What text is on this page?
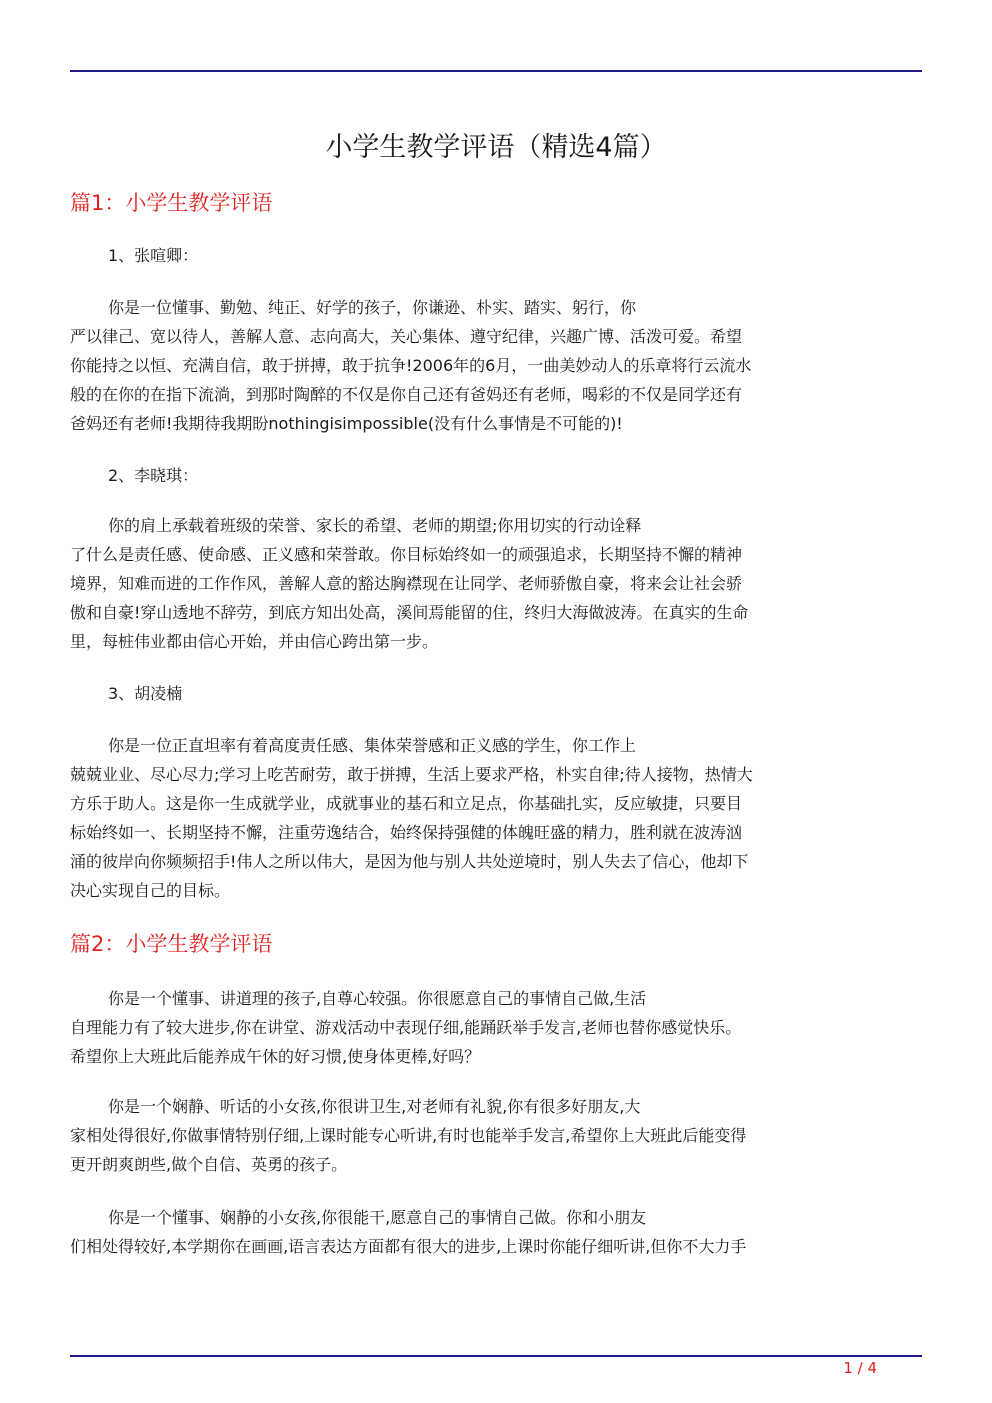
小学生教学评语（精选4篇）
篇1：小学生教学评语
1、张喧卿：
你是一位懂事、勤勉、纯正、好学的孩子，你谦逊、朴实、踏实、躬行，你
严以律己、宽以待人，善解人意、志向高大，关心集体、遵守纪律，兴趣广博、活泼可爱。希望
你能持之以恒、充满自信，敢于拼搏，敢于抗争!2006年的6月，一曲美妙动人的乐章将行云流水
般的在你的在指下流淌，到那时陶醉的不仅是你自己还有爸妈还有老师，喝彩的不仅是同学还有
爸妈还有老师!我期待我期盼nothingisimpossible(没有什么事情是不可能的)!
2、李晓琪：
你的肩上承载着班级的荣誉、家长的希望、老师的期望;你用切实的行动诠释
了什么是责任感、使命感、正义感和荣誉敢。你目标始终如一的顽强追求，长期坚持不懈的精神
境界，知难而进的工作作风，善解人意的豁达胸襟现在让同学、老师骄傲自豪，将来会让社会骄
傲和自豪!穿山透地不辞劳，到底方知出处高，溪间焉能留的住，终归大海做波涛。在真实的生命
里，每桩伟业都由信心开始，并由信心跨出第一步。
3、胡凌楠
你是一位正直坦率有着高度责任感、集体荣誉感和正义感的学生，你工作上
兢兢业业、尽心尽力;学习上吃苦耐劳，敢于拼搏，生活上要求严格，朴实自律;待人接物，热情大
方乐于助人。这是你一生成就学业，成就事业的基石和立足点，你基础扎实，反应敏捷，只要目
标始终如一、长期坚持不懈，注重劳逸结合，始终保持强健的体魄旺盛的精力，胜利就在波涛汹
涌的彼岸向你频频招手!伟人之所以伟大，是因为他与别人共处逆境时，别人失去了信心，他却下
决心实现自己的目标。
篇2：小学生教学评语
你是一个懂事、讲道理的孩子,自尊心较强。你很愿意自己的事情自己做,生活
自理能力有了较大进步,你在讲堂、游戏活动中表现仔细,能踊跃举手发言,老师也替你感觉快乐。
希望你上大班此后能养成午休的好习惯,使身体更棒,好吗？
你是一个娴静、听话的小女孩,你很讲卫生,对老师有礼貌,你有很多好朋友,大
家相处得很好,你做事情特别仔细,上课时能专心听讲,有时也能举手发言,希望你上大班此后能变得
更开朗爽朗些,做个自信、英勇的孩子。
你是一个懂事、娴静的小女孩,你很能干,愿意自己的事情自己做。你和小朋友
们相处得较好,本学期你在画画,语言表达方面都有很大的进步,上课时你能仔细听讲,但你不大力手
1 / 4
